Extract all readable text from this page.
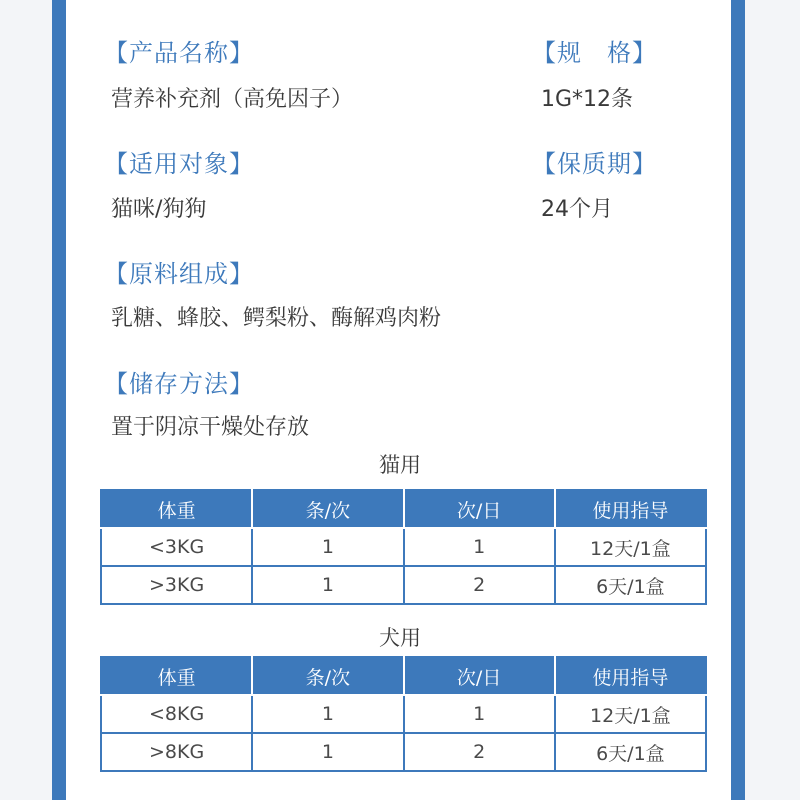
【产品名称】
营养补充剂（高免因子）
【规　格】
1G*12条
【适用对象】
猫咪/狗狗
【保质期】
24个月
【原料组成】
乳糖、蜂胶、鳄梨粉、酶解鸡肉粉
【储存方法】
置于阴凉干燥处存放
猫用
体重	条/次	次/日	使用指导
<3KG	1	1	12天/1盒
>3KG	1	2	6天/1盒
犬用
体重	条/次	次/日	使用指导
<8KG	1	1	12天/1盒
>8KG	1	2	6天/1盒
